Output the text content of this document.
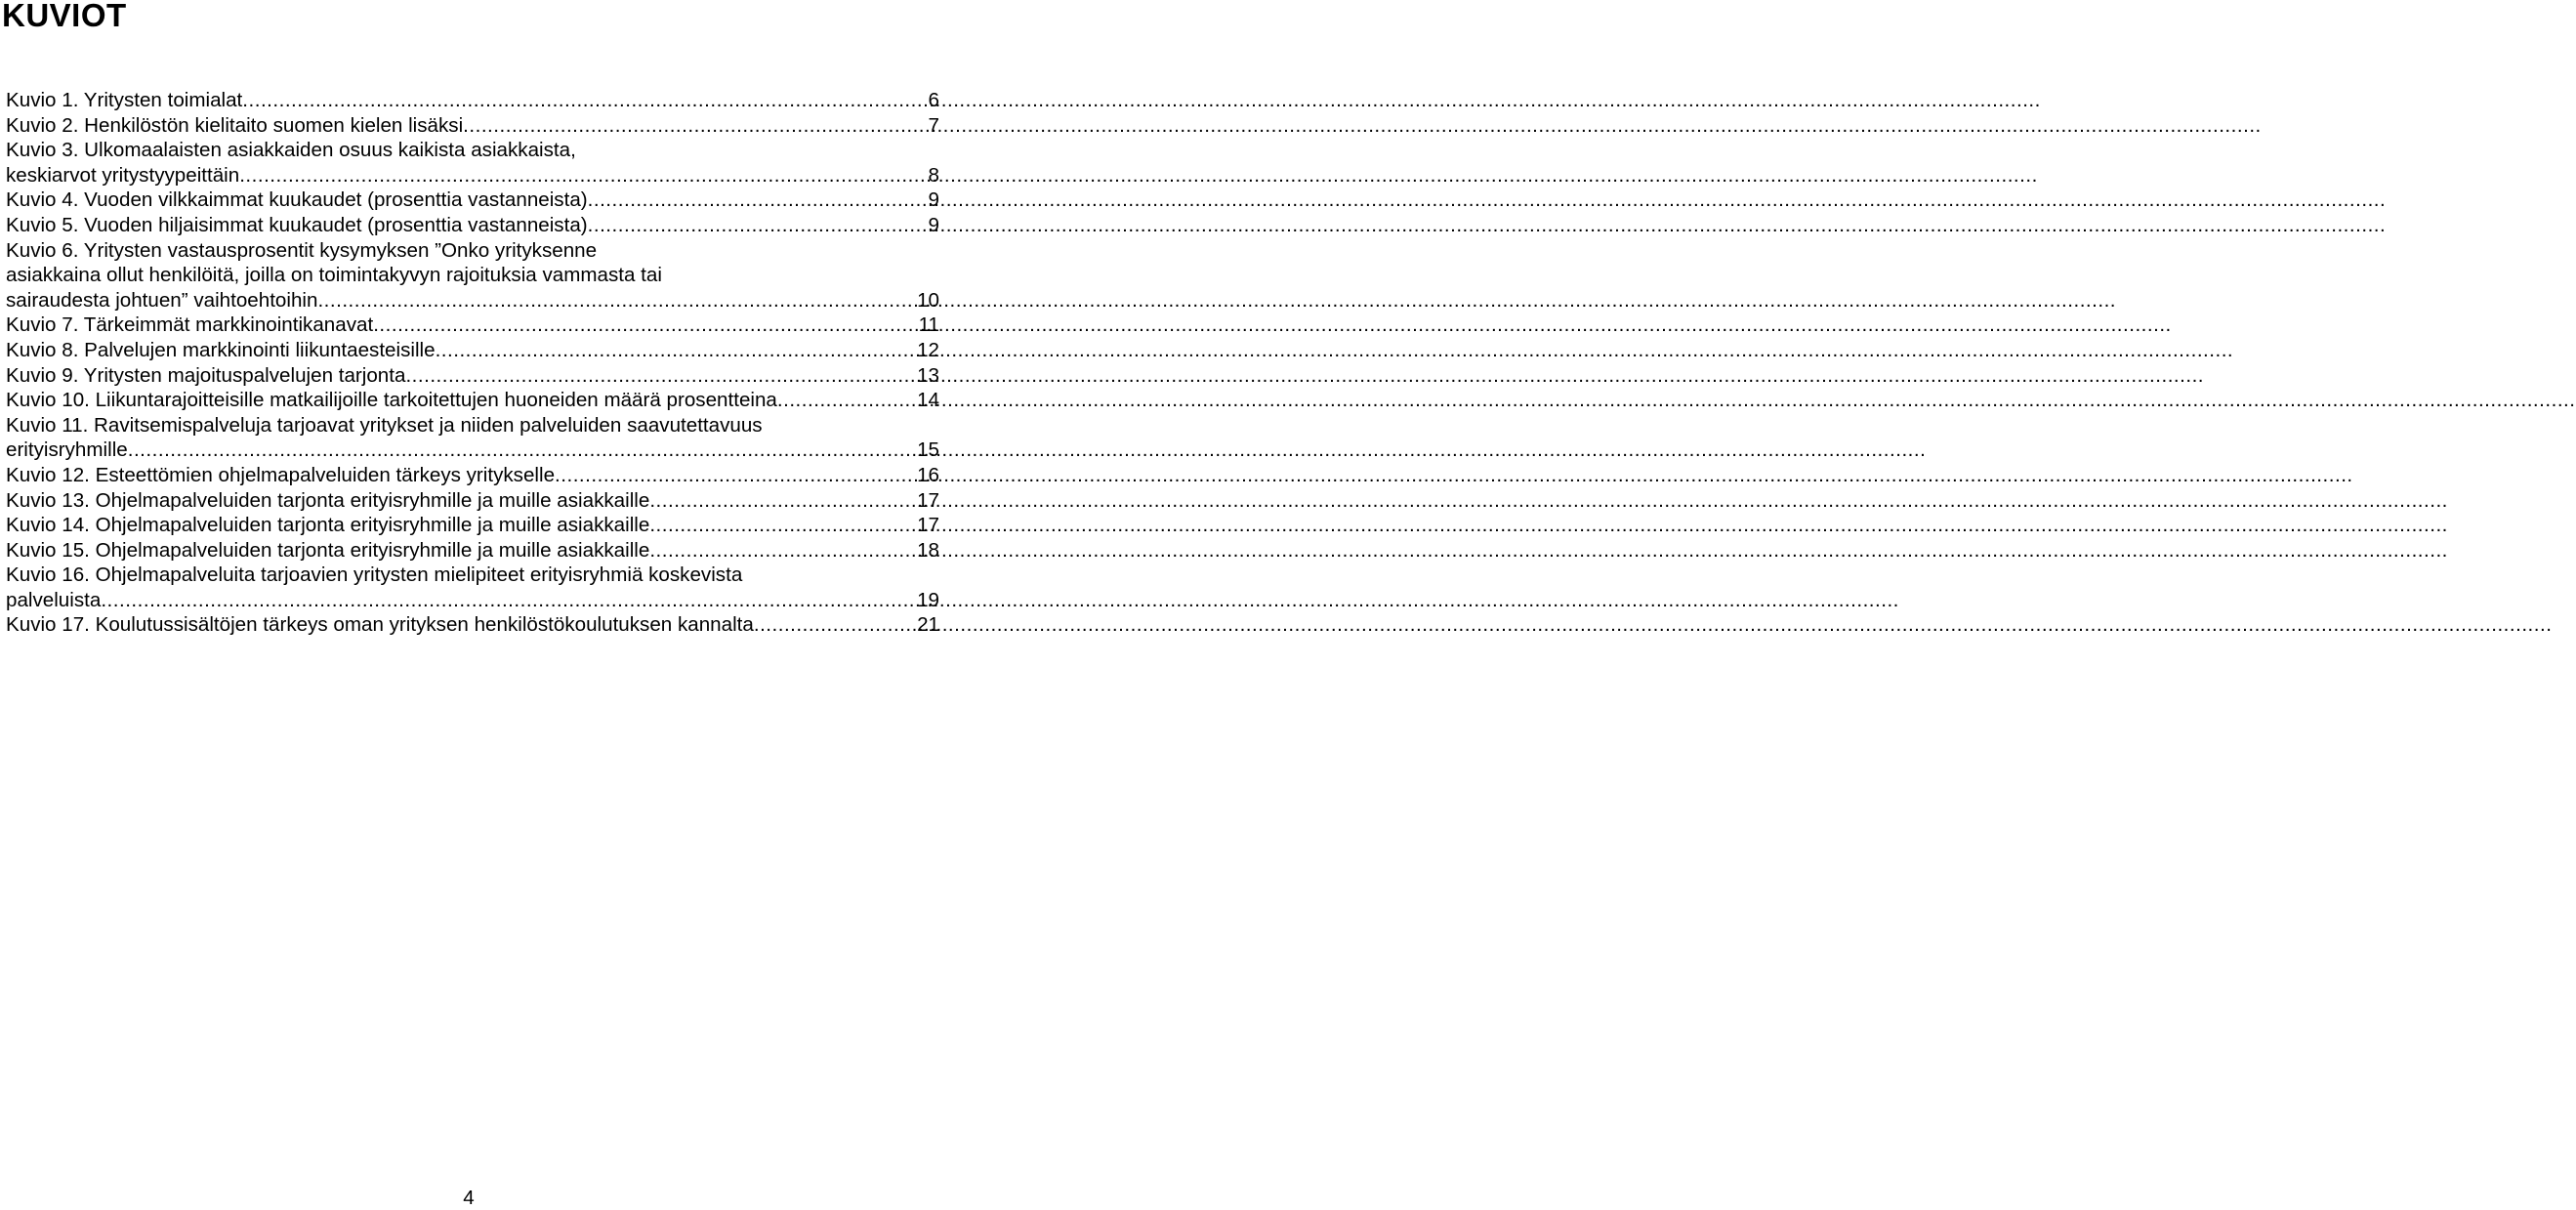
KUVIOT
Kuvio 1. Yritysten toimialat .....	6
Kuvio 2. Henkilöstön kielitaito suomen kielen lisäksi .....	7
Kuvio 3. Ulkomaalaisten asiakkaiden osuus kaikista asiakkaista,
keskiarvot yritystyypeittäin .....	8
Kuvio 4. Vuoden vilkkaimmat kuukaudet (prosenttia vastanneista) .....	9
Kuvio 5. Vuoden hiljaisimmat kuukaudet (prosenttia vastanneista) .....	9
Kuvio 6. Yritysten vastausprosentit kysymyksen ”Onko yrityksenne
asiakkaina ollut henkilöitä, joilla on toimintakyvyn rajoituksia vammasta tai
sairaudesta johtuen” vaihtoehtoihin .....	10
Kuvio 7. Tärkeimmät markkinointikanavat .....	11
Kuvio 8. Palvelujen markkinointi liikuntaesteisille .....	12
Kuvio 9. Yritysten majoituspalvelujen tarjonta .....	13
Kuvio 10. Liikuntarajoitteisille matkailijoille tarkoitettujen huoneiden määrä prosentteina .....	14
Kuvio 11. Ravitsemispalveluja tarjoavat yritykset ja niiden palveluiden saavutettavuus
erityisryhmille .....	15
Kuvio 12. Esteettömien ohjelmapalveluiden tärkeys yritykselle .....	16
Kuvio 13. Ohjelmapalveluiden tarjonta erityisryhmille ja muille asiakkaille .....	17
Kuvio 14. Ohjelmapalveluiden tarjonta erityisryhmille ja muille asiakkaille .....	17
Kuvio 15. Ohjelmapalveluiden tarjonta erityisryhmille ja muille asiakkaille .....	18
Kuvio 16. Ohjelmapalveluita tarjoavien yritysten mielipiteet erityisryhmiä koskevista
palveluista .....	19
Kuvio 17. Koulutussisältöjen tärkeys oman yrityksen henkilöstökoulutuksen kannalta .....	21
4
